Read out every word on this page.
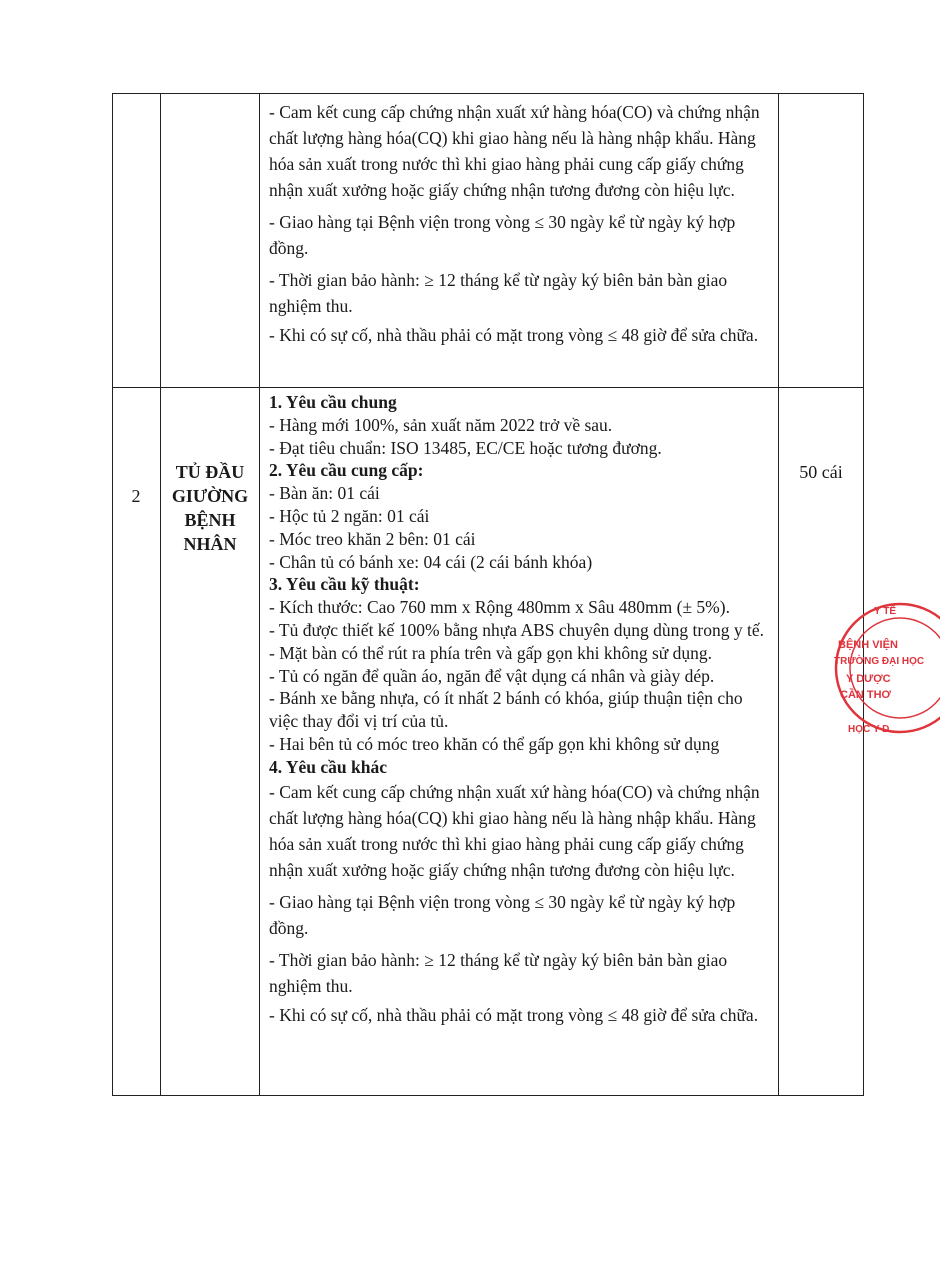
- Cam kết cung cấp chứng nhận xuất xứ hàng hóa(CO) và chứng nhận chất lượng hàng hóa(CQ) khi giao hàng nếu là hàng nhập khẩu. Hàng hóa sản xuất trong nước thì khi giao hàng phải cung cấp giấy chứng nhận xuất xưởng hoặc giấy chứng nhận tương đương còn hiệu lực.

- Giao hàng tại Bệnh viện trong vòng ≤ 30 ngày kể từ ngày ký hợp đồng.

- Thời gian bảo hành: ≥ 12 tháng kể từ ngày ký biên bản bàn giao nghiệm thu.

- Khi có sự cố, nhà thầu phải có mặt trong vòng ≤ 48 giờ để sửa chữa.

2
TỦ ĐẦU GIƯỜNG BỆNH NHÂN
50 cái

1. Yêu cầu chung

- Hàng mới 100%, sản xuất năm 2022 trở về sau.

- Đạt tiêu chuẩn: ISO 13485, EC/CE hoặc tương đương.

2. Yêu cầu cung cấp:

- Bàn ăn: 01 cái

- Hộc tủ 2 ngăn: 01 cái

- Móc treo khăn 2 bên: 01 cái

- Chân tủ có bánh xe: 04 cái (2 cái bánh khóa)

3. Yêu cầu kỹ thuật:

- Kích thước: Cao 760 mm x Rộng 480mm x Sâu 480mm (± 5%).

- Tủ được thiết kế 100% bằng nhựa ABS chuyên dụng dùng trong y tế.

- Mặt bàn có thể rút ra phía trên và gấp gọn khi không sử dụng.

- Tủ có ngăn để quần áo, ngăn để vật dụng cá nhân và giày dép.

- Bánh xe bằng nhựa, có ít nhất 2 bánh có khóa, giúp thuận tiện cho việc thay đổi vị trí của tủ.

- Hai bên tủ có móc treo khăn có thể gấp gọn khi không sử dụng

4. Yêu cầu khác

- Cam kết cung cấp chứng nhận xuất xứ hàng hóa(CO) và chứng nhận chất lượng hàng hóa(CQ) khi giao hàng nếu là hàng nhập khẩu. Hàng hóa sản xuất trong nước thì khi giao hàng phải cung cấp giấy chứng nhận xuất xưởng hoặc giấy chứng nhận tương đương còn hiệu lực.

- Giao hàng tại Bệnh viện trong vòng ≤ 30 ngày kể từ ngày ký hợp đồng.

- Thời gian bảo hành: ≥ 12 tháng kể từ ngày ký biên bản bàn giao nghiệm thu.

- Khi có sự cố, nhà thầu phải có mặt trong vòng ≤ 48 giờ để sửa chữa.

Y TẾ
BỆNH VIỆN
TRƯỜNG ĐẠI HỌC
Y DƯỢC
CẦN THƠ
HỌC Y D
